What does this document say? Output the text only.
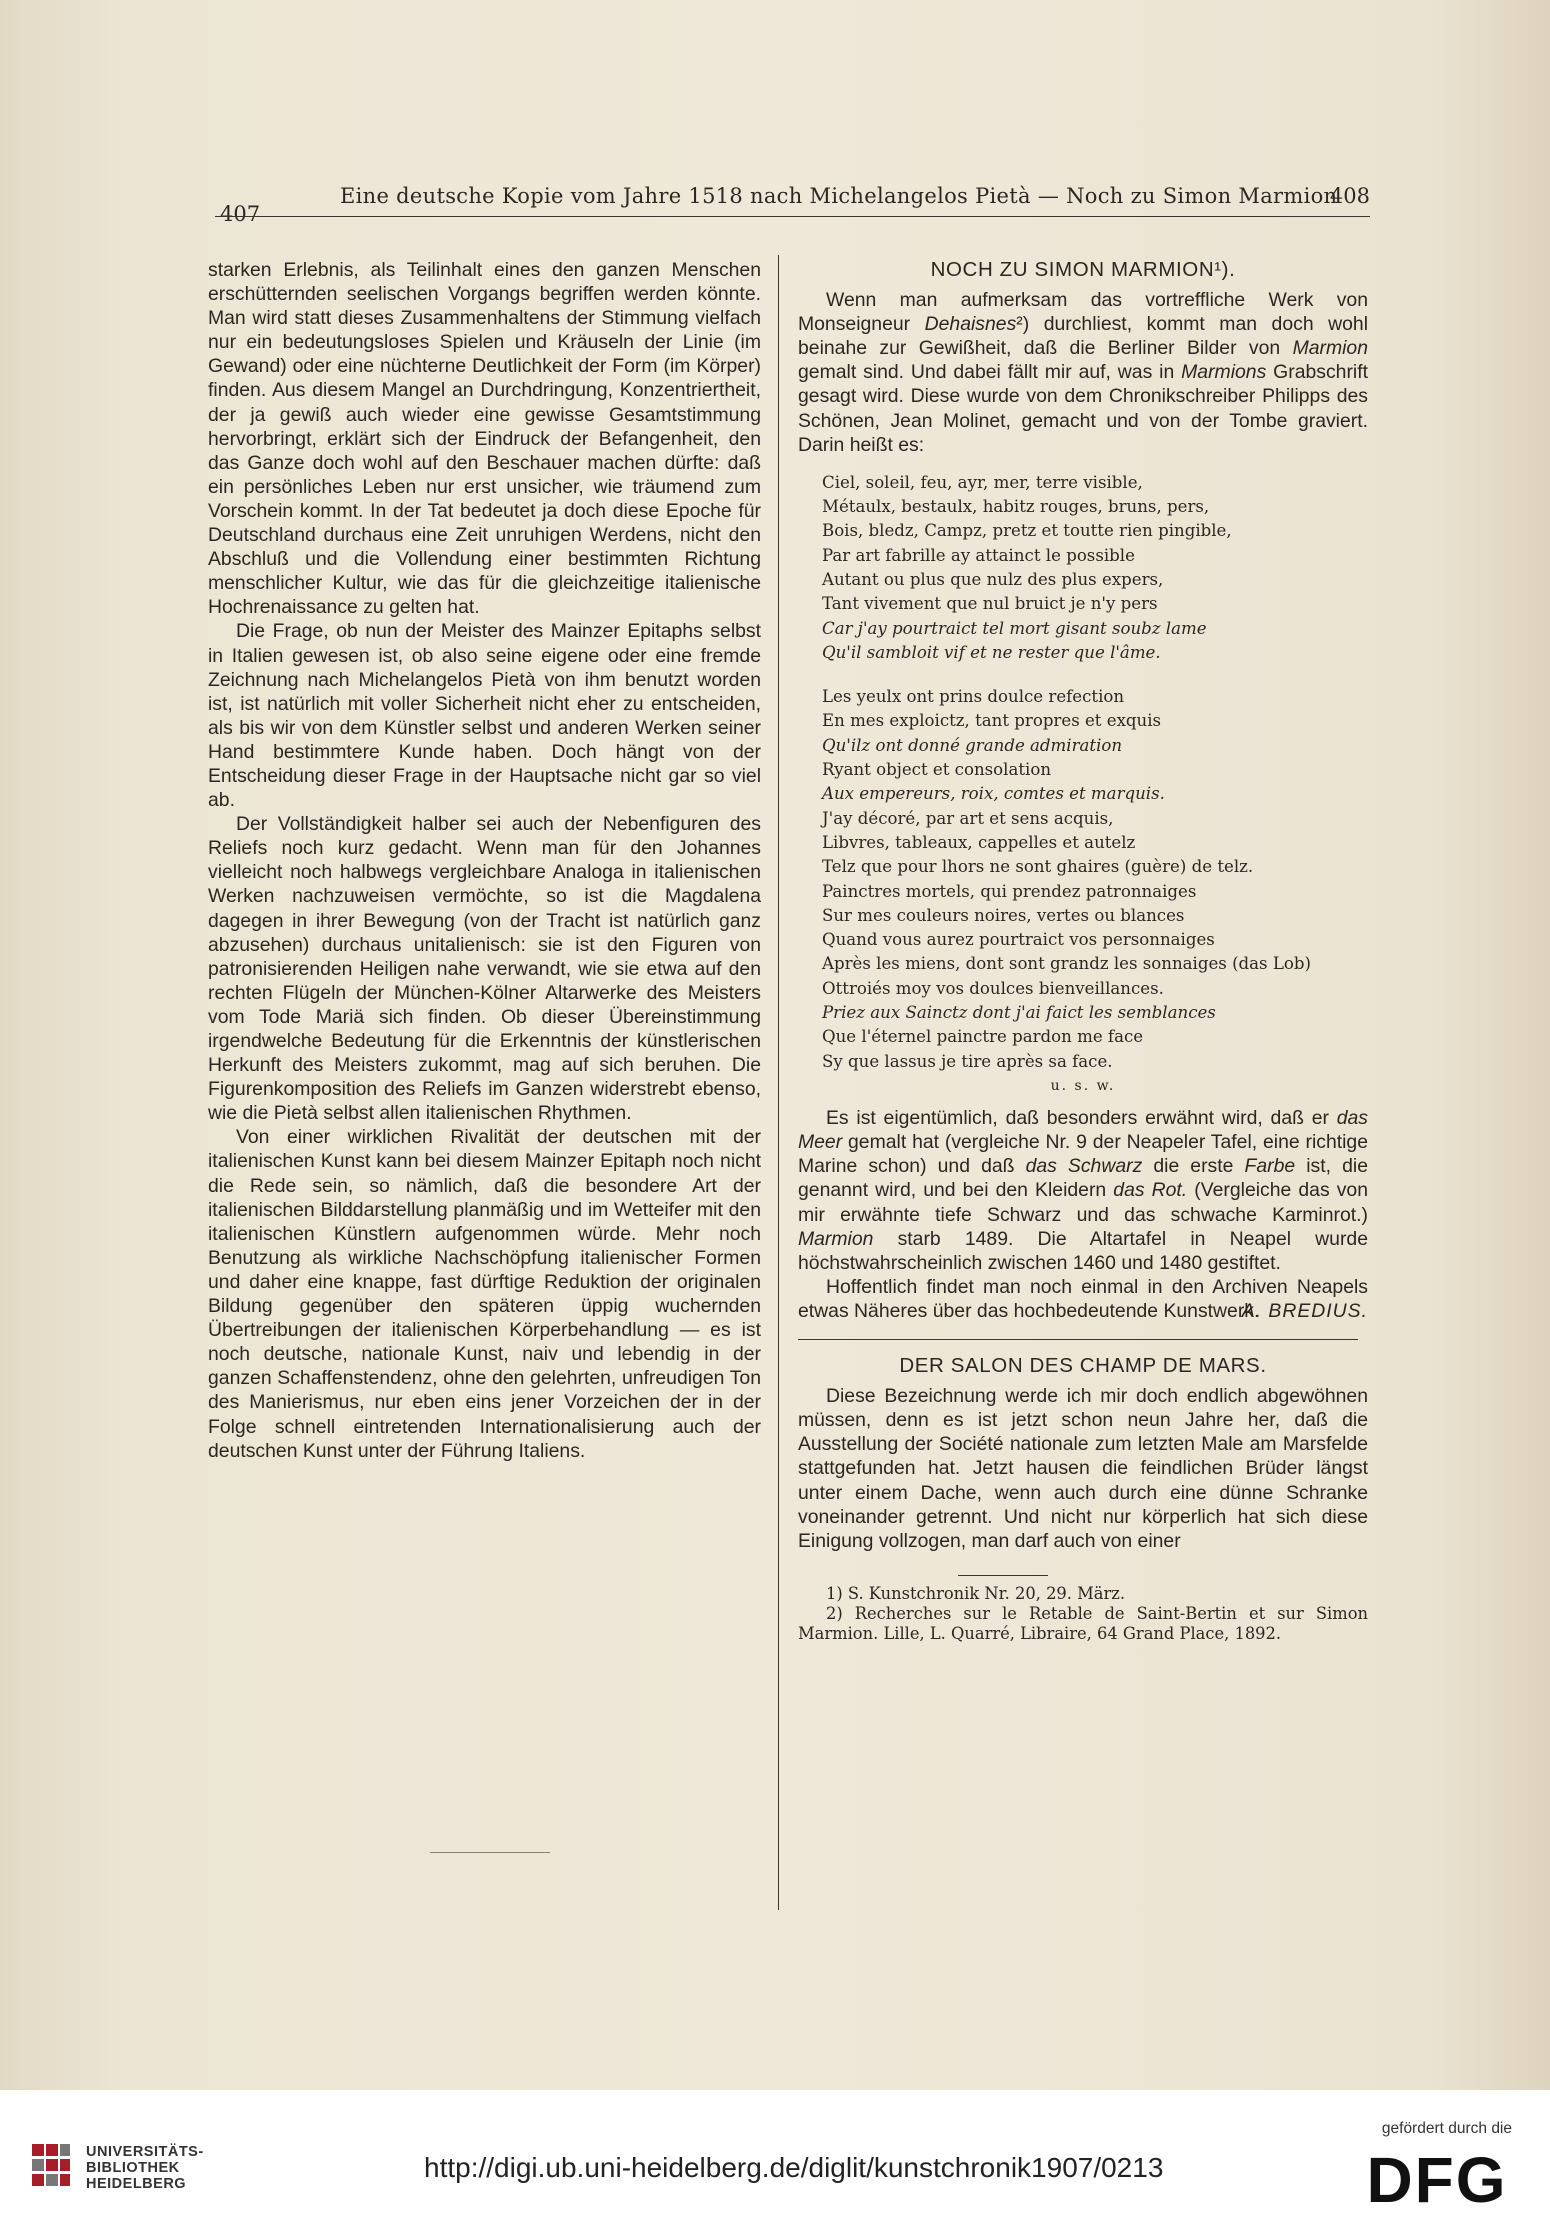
407
Eine deutsche Kopie vom Jahre 1518 nach Michelangelos Pietà — Noch zu Simon Marmion
408

starken Erlebnis, als Teilinhalt eines den ganzen Menschen erschütternden seelischen Vorgangs begriffen werden könnte. Man wird statt dieses Zusammenhaltens der Stimmung vielfach nur ein bedeutungsloses Spielen und Kräuseln der Linie (im Gewand) oder eine nüchterne Deutlichkeit der Form (im Körper) finden. Aus diesem Mangel an Durchdringung, Konzentriertheit, der ja gewiß auch wieder eine gewisse Gesamtstimmung hervorbringt, erklärt sich der Eindruck der Befangenheit, den das Ganze doch wohl auf den Beschauer machen dürfte: daß ein persönliches Leben nur erst unsicher, wie träumend zum Vorschein kommt. In der Tat bedeutet ja doch diese Epoche für Deutschland durchaus eine Zeit unruhigen Werdens, nicht den Abschluß und die Vollendung einer bestimmten Richtung menschlicher Kultur, wie das für die gleichzeitige italienische Hochrenaissance zu gelten hat.

Die Frage, ob nun der Meister des Mainzer Epitaphs selbst in Italien gewesen ist, ob also seine eigene oder eine fremde Zeichnung nach Michelangelos Pietà von ihm benutzt worden ist, ist natürlich mit voller Sicherheit nicht eher zu entscheiden, als bis wir von dem Künstler selbst und anderen Werken seiner Hand bestimmtere Kunde haben. Doch hängt von der Entscheidung dieser Frage in der Hauptsache nicht gar so viel ab.

Der Vollständigkeit halber sei auch der Nebenfiguren des Reliefs noch kurz gedacht. Wenn man für den Johannes vielleicht noch halbwegs vergleichbare Analoga in italienischen Werken nachzuweisen vermöchte, so ist die Magdalena dagegen in ihrer Bewegung (von der Tracht ist natürlich ganz abzusehen) durchaus unitalienisch: sie ist den Figuren von patronisierenden Heiligen nahe verwandt, wie sie etwa auf den rechten Flügeln der München-Kölner Altarwerke des Meisters vom Tode Mariä sich finden. Ob dieser Übereinstimmung irgendwelche Bedeutung für die Erkenntnis der künstlerischen Herkunft des Meisters zukommt, mag auf sich beruhen. Die Figurenkomposition des Reliefs im Ganzen widerstrebt ebenso, wie die Pietà selbst allen italienischen Rhythmen.

Von einer wirklichen Rivalität der deutschen mit der italienischen Kunst kann bei diesem Mainzer Epitaph noch nicht die Rede sein, so nämlich, daß die besondere Art der italienischen Bilddarstellung planmäßig und im Wetteifer mit den italienischen Künstlern aufgenommen würde. Mehr noch Benutzung als wirkliche Nachschöpfung italienischer Formen und daher eine knappe, fast dürftige Reduktion der originalen Bildung gegenüber den späteren üppig wuchernden Übertreibungen der italienischen Körperbehandlung — es ist noch deutsche, nationale Kunst, naiv und lebendig in der ganzen Schaffenstendenz, ohne den gelehrten, unfreudigen Ton des Manierismus, nur eben eins jener Vorzeichen der in der Folge schnell eintretenden Internationalisierung auch der deutschen Kunst unter der Führung Italiens.

NOCH ZU SIMON MARMION¹).

Wenn man aufmerksam das vortreffliche Werk von Monseigneur Dehaisnes²) durchliest, kommt man doch wohl beinahe zur Gewißheit, daß die Berliner Bilder von Marmion gemalt sind. Und dabei fällt mir auf, was in Marmions Grabschrift gesagt wird. Diese wurde von dem Chronikschreiber Philipps des Schönen, Jean Molinet, gemacht und von der Tombe graviert. Darin heißt es:

Ciel, soleil, feu, ayr, mer, terre visible,
Métaulx, bestaulx, habitz rouges, bruns, pers,
Bois, bledz, Campz, pretz et toutte rien pingible,
Par art fabrille ay attainct le possible
Autant ou plus que nulz des plus expers,
Tant vivement que nul bruict je n'y pers
Car j'ay pourtraict tel mort gisant soubz lame
Qu'il sambloit vif et ne rester que l'âme.
Les yeulx ont prins doulce refection
En mes exploictz, tant propres et exquis
Qu'ilz ont donné grande admiration
Ryant object et consolation
Aux empereurs, roix, comtes et marquis.
J'ay décoré, par art et sens acquis,
Libvres, tableaux, cappelles et autelz
Telz que pour lhors ne sont ghaires (guère) de telz.
Painctres mortels, qui prendez patronnaiges
Sur mes couleurs noires, vertes ou blances
Quand vous aurez pourtraict vos personnaiges
Après les miens, dont sont grandz les sonnaiges (das Lob)
Ottroiés moy vos doulces bienveillances.
Priez aux Sainctz dont j'ai faict les semblances
Que l'éternel painctre pardon me face
Sy que lassus je tire après sa face.
u. s. w.

Es ist eigentümlich, daß besonders erwähnt wird, daß er das Meer gemalt hat (vergleiche Nr. 9 der Neapeler Tafel, eine richtige Marine schon) und daß das Schwarz die erste Farbe ist, die genannt wird, und bei den Kleidern das Rot. (Vergleiche das von mir erwähnte tiefe Schwarz und das schwache Karminrot.) Marmion starb 1489. Die Altartafel in Neapel wurde höchstwahrscheinlich zwischen 1460 und 1480 gestiftet.

Hoffentlich findet man noch einmal in den Archiven Neapels etwas Näheres über das hochbedeutende Kunstwerk.

A. BREDIUS.
DER SALON DES CHAMP DE MARS.

Diese Bezeichnung werde ich mir doch endlich abgewöhnen müssen, denn es ist jetzt schon neun Jahre her, daß die Ausstellung der Société nationale zum letzten Male am Marsfelde stattgefunden hat. Jetzt hausen die feindlichen Brüder längst unter einem Dache, wenn auch durch eine dünne Schranke voneinander getrennt. Und nicht nur körperlich hat sich diese Einigung vollzogen, man darf auch von einer

1) S. Kunstchronik Nr. 20, 29. März.

2) Recherches sur le Retable de Saint-Bertin et sur Simon Marmion. Lille, L. Quarré, Libraire, 64 Grand Place, 1892.

UNIVERSITÄTS-
BIBLIOTHEK
HEIDELBERG
http://digi.ub.uni-heidelberg.de/diglit/kunstchronik1907/0213
gefördert durch die
DFG
